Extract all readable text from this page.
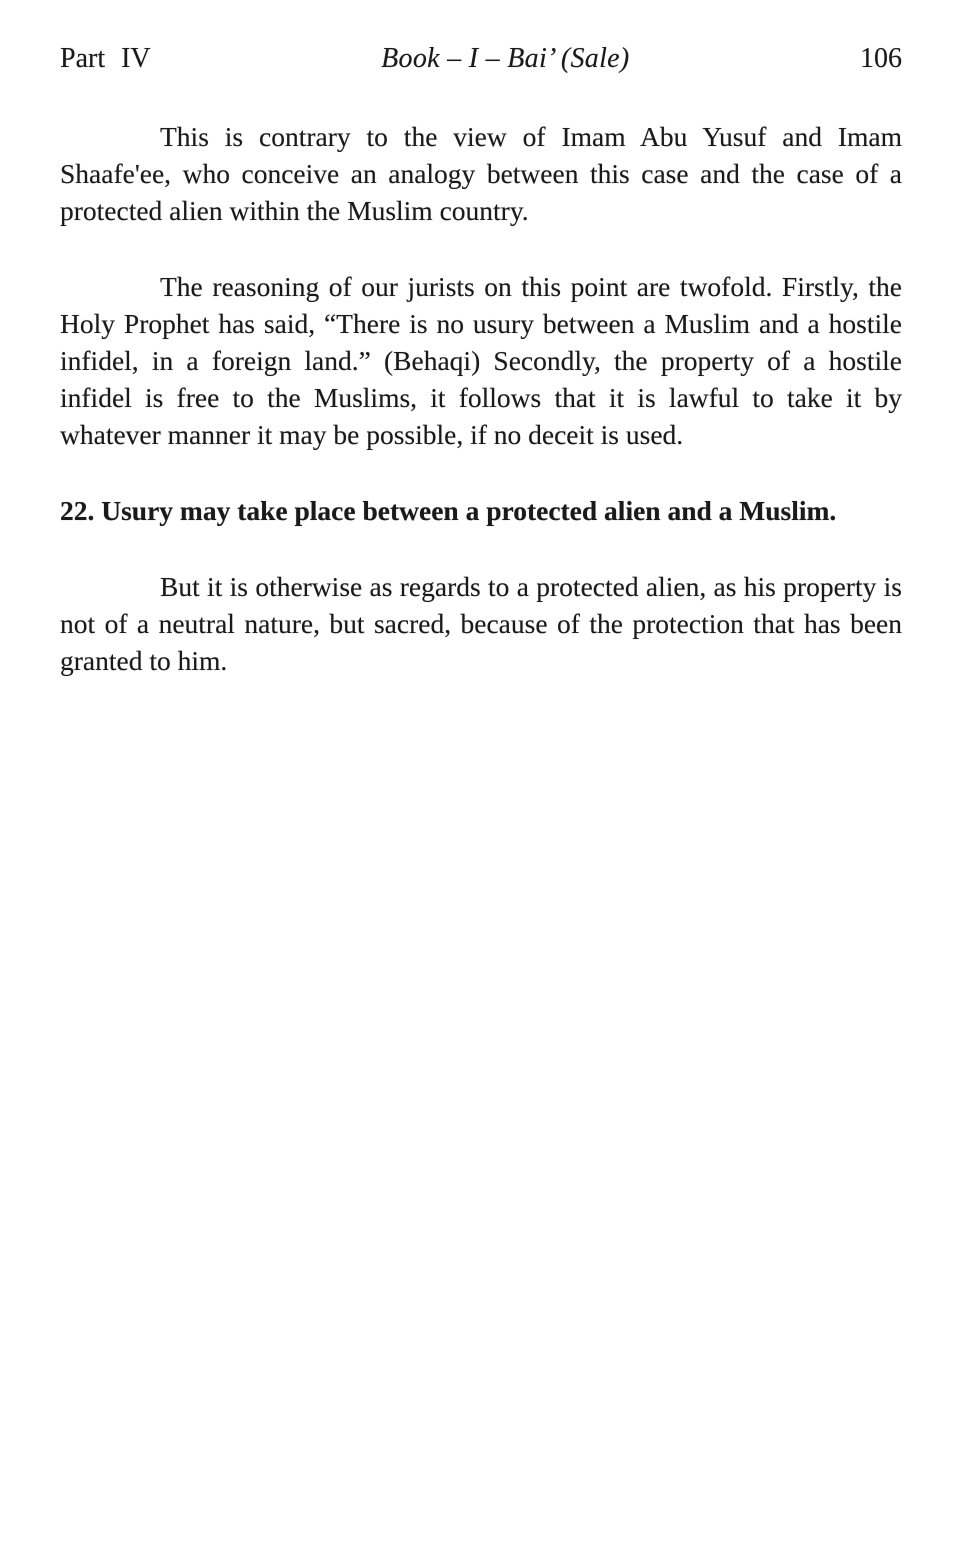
Part IV	Book – I – Bai’ (Sale)	106

This is contrary to the view of Imam Abu Yusuf and Imam Shaafe'ee, who conceive an analogy between this case and the case of a protected alien within the Muslim country.

The reasoning of our jurists on this point are twofold. Firstly, the Holy Prophet has said, “There is no usury between a Muslim and a hostile infidel, in a foreign land.” (Behaqi) Secondly, the property of a hostile infidel is free to the Muslims, it follows that it is lawful to take it by whatever manner it may be possible, if no deceit is used.

22. Usury may take place between a protected alien and a Muslim.

But it is otherwise as regards to a protected alien, as his property is not of a neutral nature, but sacred, because of the protection that has been granted to him.
